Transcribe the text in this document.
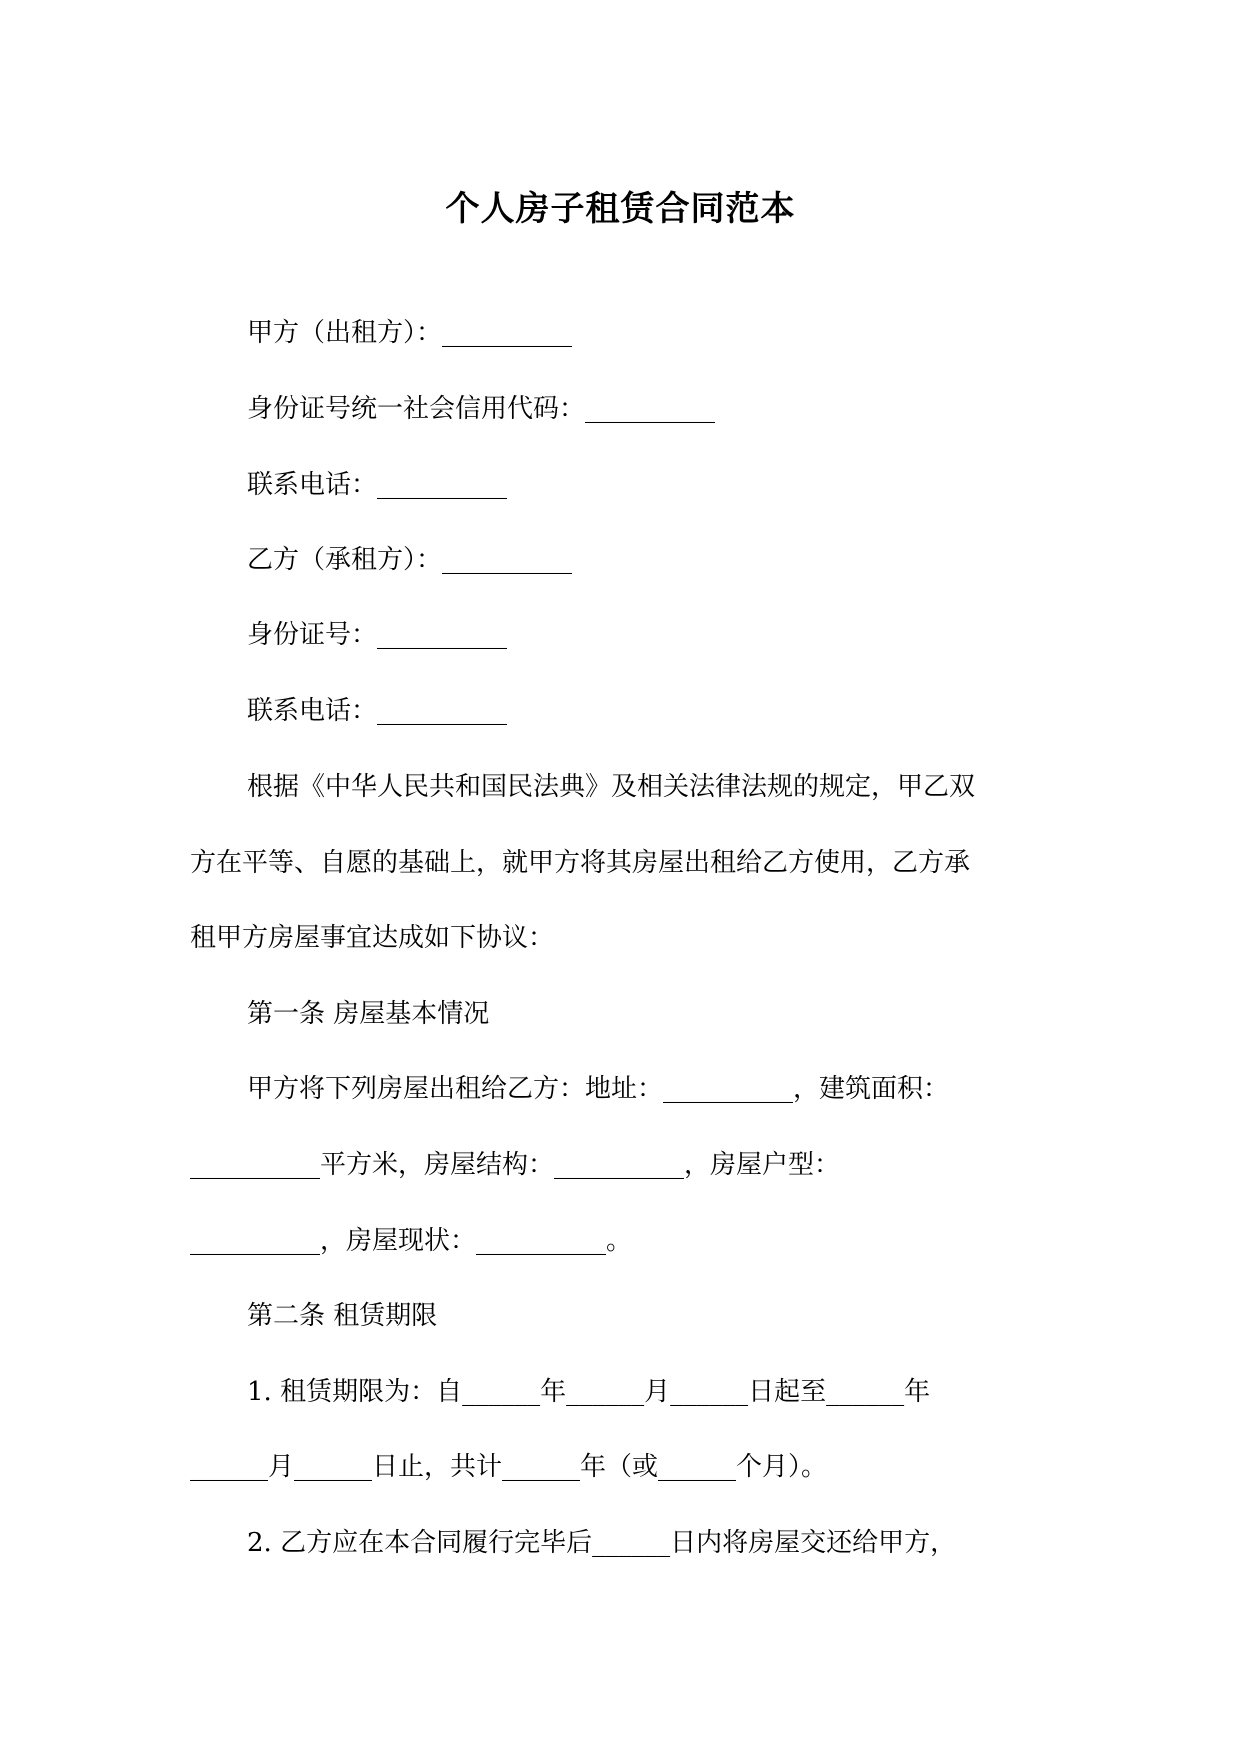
个人房子租赁合同范本
甲方（出租方）：__________
身份证号统一社会信用代码：__________
联系电话：__________
乙方（承租方）：__________
身份证号：__________
联系电话：__________
根据《中华人民共和国民法典》及相关法律法规的规定，甲乙双
方在平等、自愿的基础上，就甲方将其房屋出租给乙方使用，乙方承
租甲方房屋事宜达成如下协议：
第一条 房屋基本情况
甲方将下列房屋出租给乙方：地址：__________，建筑面积：
__________平方米，房屋结构：__________，房屋户型：
__________，房屋现状：__________。
第二条 租赁期限
1. 租赁期限为：自______年______月______日起至______年
______月______日止，共计______年（或______个月）。
2. 乙方应在本合同履行完毕后______日内将房屋交还给甲方，
